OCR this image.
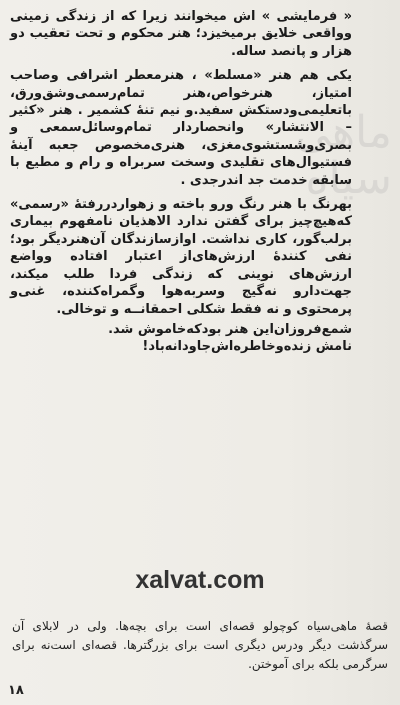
ماهی
سیاه

« فرمایشی » اش میخوانند زیرا که از زندگی زمینی وواقعی خلایق برمیخیزد؛ هنر محکوم و تحت تعقیب دو هزار و پانصد ساله.

یکی هم هنر «مسلط» ، هنرمعطر اشرافی وصاحب امتیاز، هنرخواص،هنر تمام‌رسمی‌وشق‌ورق، باتعلیمی‌ودستکش سفید.و نیم تنهٔ کشمیر . هنر «کثیر – الانتشار» وانحصاردار تمام‌وسائل‌سمعی و بصری‌وشستشوی‌مغزی، هنری‌مخصوص جعبه آینهٔ فستیوال‌های تقلیدی وسخت سربراه و رام و مطیع با سابقه خدمت جد اندرجدی .

بهرنگ با هنر رنگ ورو باخته و زهواردررفتهٔ «رسمی» که‌هیچ‌چیز برای گفتن ندارد الاهذیان نامفهوم بیماری برلب‌گور، کاری نداشت. اوازسازندگان آن‌هنر‌دیگر بود؛ نفی کنندهٔ ارزش‌های‌از اعتبار افتاده وواضع ارزش‌های نوینی که زندگی فردا طلب میکند، جهت‌دارو نه‌گیج وسربه‌هوا وگمراه‌کننده، غنی‌و پرمحتوی و نه فقط شکلی احمقانــه و توخالی.

شمع‌فروزان‌این هنر بود‌که‌خاموش شد.

نامش زنده‌وخاطره‌اش‌جاودانه‌باد!

xalvat.com

قصهٔ ماهی‌سیاه کوچولو قصه‌ای است برای بچه‌ها. ولی در لابلای آن سرگذشت دیگر ودرس دیگری است برای بزرگترها. قصه‌ای است‌نه برای سرگرمی بلکه برای آموختن.

۱۸
